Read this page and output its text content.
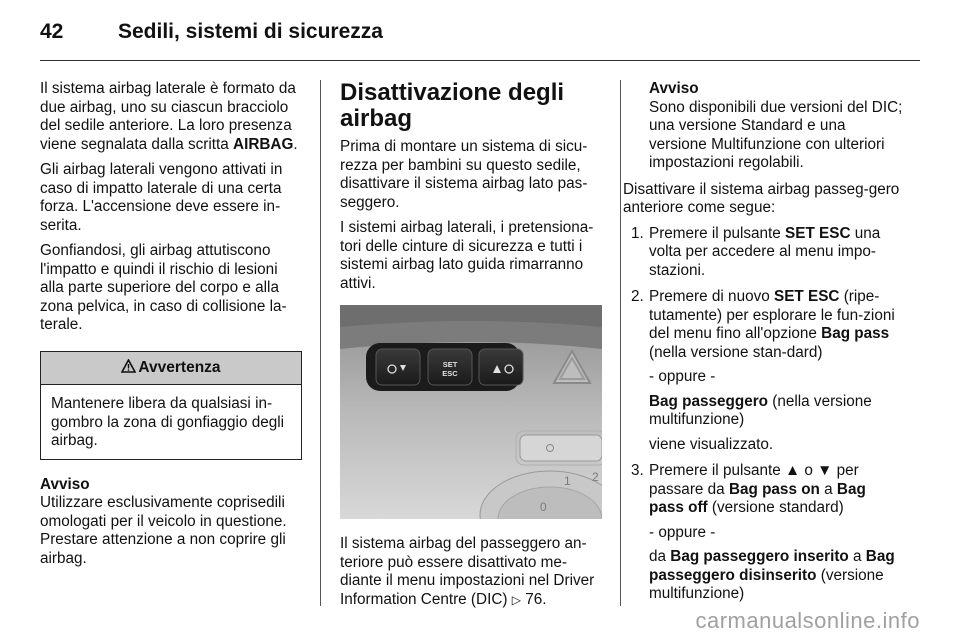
42	Sedili, sistemi di sicurezza

Il sistema airbag laterale è formato da due airbag, uno su ciascun bracciolo del sedile anteriore. La loro presenza viene segnalata dalla scritta AIRBAG.

Gli airbag laterali vengono attivati in caso di impatto laterale di una certa forza. L'accensione deve essere in-serita.

Gonfiandosi, gli airbag attutiscono l'impatto e quindi il rischio di lesioni alla parte superiore del corpo e alla zona pelvica, in caso di collisione la-terale.

Avvertenza
Mantenere libera da qualsiasi in-gombro la zona di gonfiaggio degli airbag.
Avviso
Utilizzare esclusivamente coprisedili omologati per il veicolo in questione. Prestare attenzione a non coprire gli airbag.
Disattivazione degli airbag

Prima di montare un sistema di sicu-rezza per bambini su questo sedile, disattivare il sistema airbag lato pas-seggero.

I sistemi airbag laterali, i pretensiona-tori delle cinture di sicurezza e tutti i sistemi airbag lato guida rimarranno attivi.

SET
ESC
1 2
0

Il sistema airbag del passeggero an-teriore può essere disattivato me-diante il menu impostazioni nel Driver Information Centre (DIC) ▷ 76.

Avviso
Sono disponibili due versioni del DIC; una versione Standard e una versione Multifunzione con ulteriori impostazioni regolabili.

Disattivare il sistema airbag passeg-gero anteriore come segue:

1. Premere il pulsante SET ESC una volta per accedere al menu impo-stazioni.

2. Premere di nuovo SET ESC (ripe-tutamente) per esplorare le fun-zioni del menu fino all'opzione Bag pass (nella versione stan-dard)

- oppure -

Bag passeggero (nella versione multifunzione)

viene visualizzato.

3. Premere il pulsante ▲ o ▼ per passare da Bag pass on a Bag pass off (versione standard)

- oppure -

da Bag passeggero inserito a Bag passeggero disinserito (versione multifunzione)

carmanualsonline.info
